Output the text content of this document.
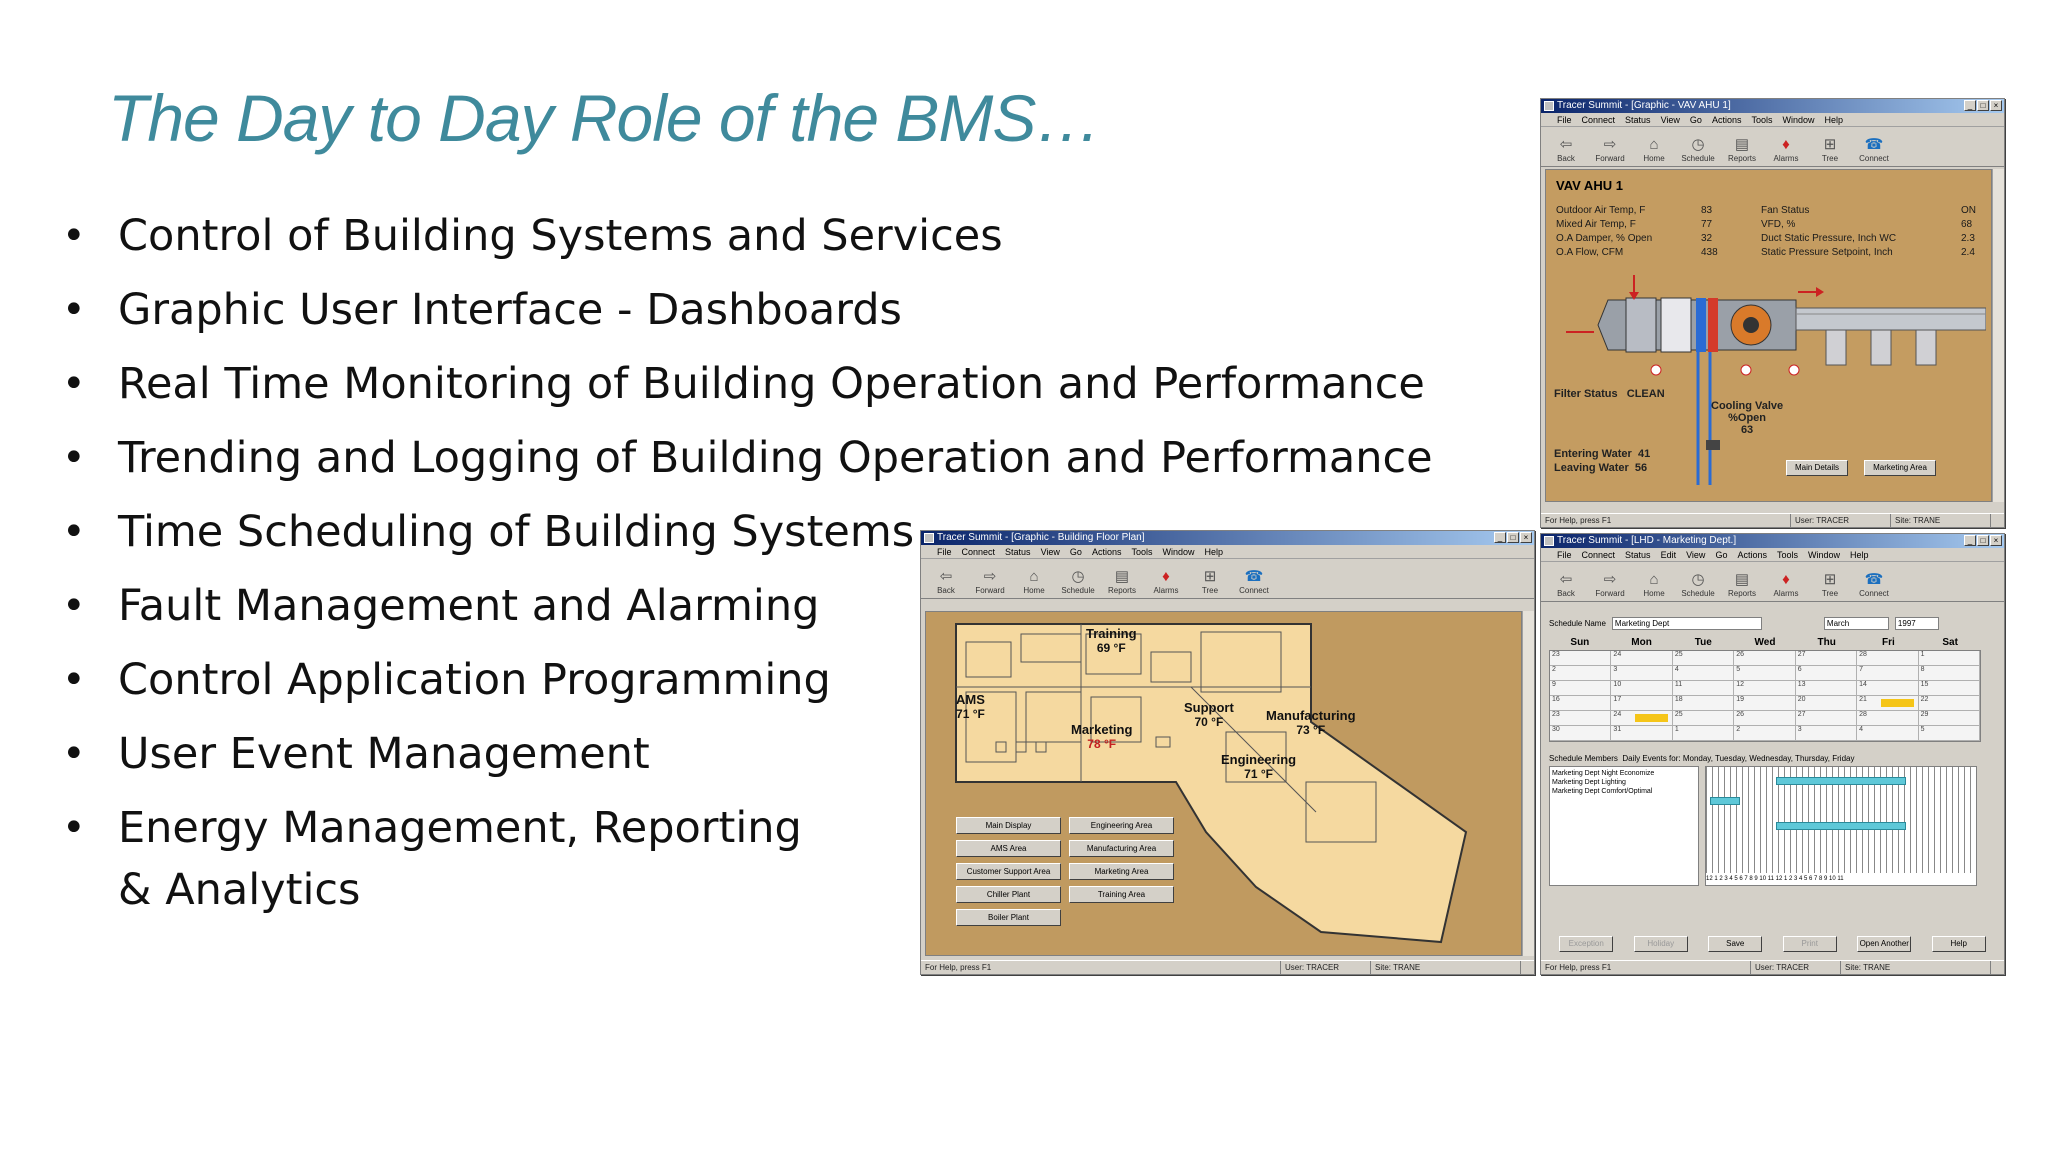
The Day to Day Role of the BMS…
• Control of Building Systems and Services
• Graphic User Interface - Dashboards
• Real Time Monitoring of Building Operation and Performance
• Trending and Logging of Building Operation and Performance
• Time Scheduling of Building Systems
• Fault Management and Alarming
• Control Application Programming
• User Event Management
• Energy Management, Reporting
& Analytics
Tracer Summit - [Graphic - VAV AHU 1]	_	□	×
File Connect Status View Go Actions Tools Window Help
⇦
Back
⇨
Forward
⌂
Home
◷
Schedule
▤
Reports
♦
Alarms
⊞
Tree
☎
Connect
VAV AHU 1
Outdoor Air Temp, F	83	Fan Status	ON
Mixed Air Temp, F	77	VFD, %	68
O.A Damper, % Open	32	Duct Static Pressure, Inch WC	2.3
O.A Flow, CFM	438	Static Pressure Setpoint, Inch	2.4
Filter Status CLEAN
Cooling Valve
%Open
63
Entering Water 41
Leaving Water 56	Main Details	Marketing Area
For Help, press F1	User: TRACER	Site: TRANE
Tracer Summit - [Graphic - Building Floor Plan]	_	□	×
File Connect Status View Go Actions Tools Window Help
⇦
Back
⇨
Forward
⌂
Home
◷
Schedule
▤
Reports
♦
Alarms
⊞
Tree
☎
Connect
Training
69 °F
AMS
71 °F	Support
70 °F	Manufacturing
73 °F
Marketing
78 °F
Engineering
71 °F
Main Display	Engineering Area
AMS Area	Manufacturing Area
Customer Support Area	Marketing Area
Chiller Plant	Training Area
Boiler Plant
For Help, press F1	User: TRACER	Site: TRANE
Tracer Summit - [LHD - Marketing Dept.]	_	□	×
File Connect Status Edit View Go Actions Tools Window Help
⇦
Back
⇨
Forward
⌂
Home
◷
Schedule
▤
Reports
♦
Alarms
⊞
Tree
☎
Connect
Schedule Name	Marketing Dept	March	1997
Sun	Mon	Tue	Wed	Thu	Fri	Sat
23	24	25	26	27	28	1
2	3	4	5	6	7	8
9	10	11	12	13	14	15
16	17	18	19	20	21	22
23	24	25	26	27	28	29
30	31	1	2	3	4	5
Schedule Members Daily Events for: Monday, Tuesday, Wednesday, Thursday, Friday
Marketing Dept Night Economize
Marketing Dept Lighting
Marketing Dept Comfort/Optimal
12 1 2 3 4 5 6 7 8 9 10 11 12 1 2 3 4 5 6 7 8 9 10 11
Exception	Holiday	Save	Print	Open Another	Help
For Help, press F1	User: TRACER	Site: TRANE
